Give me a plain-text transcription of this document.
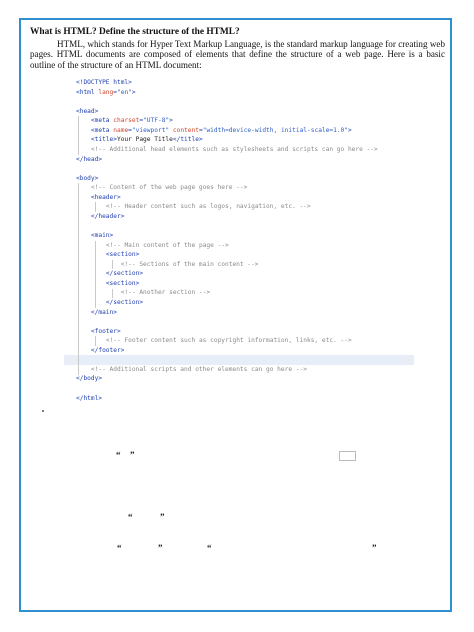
What is HTML? Define the structure of the HTML?

HTML, which stands for Hyper Text Markup Language, is the standard markup language for creating web pages. HTML documents are composed of elements that define the structure of a web page. Here is a basic outline of the structure of an HTML document:

<!DOCTYPE html>
<html lang="en">
<head>
<meta charset="UTF-8">
<meta name="viewport" content="width=device-width, initial-scale=1.0">
<title>Your Page Title</title>
<!-- Additional head elements such as stylesheets and scripts can go here -->
</head>
<body>
<!-- Content of the web page goes here -->
<header>
<!-- Header content such as logos, navigation, etc. -->
</header>
<main>
<!-- Main content of the page -->
<section>
<!-- Sections of the main content -->
</section>
<section>
<!-- Another section -->
</section>
</main>
<footer>
<!-- Footer content such as copyright information, links, etc. -->
</footer>
<!-- Additional scripts and other elements can go here -->
</body>
</html>
“ ”
“	”
“	”	“	”
